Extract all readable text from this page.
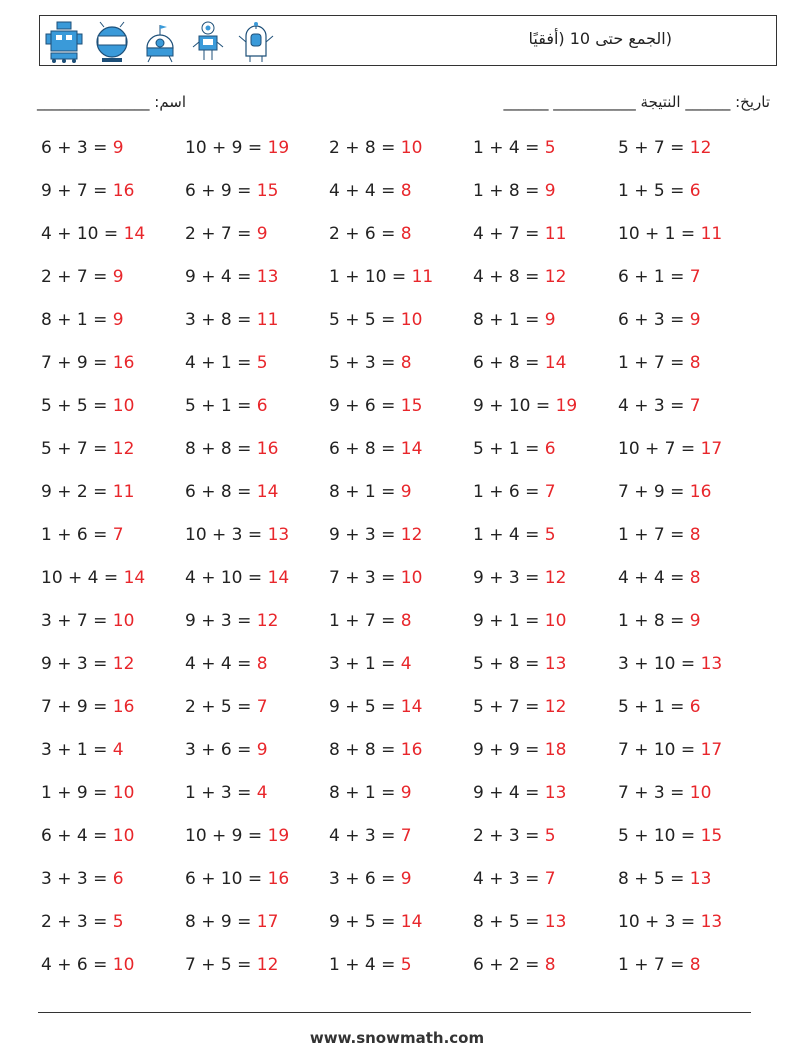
(الجمع حتى 10 (أفقيًا
اسم: _______________	تاريخ: ______ النتيجة ___________ ______
6 + 3 = 9	10 + 9 = 19 2 + 8 = 10	1 + 4 = 5	5 + 7 = 12
9 + 7 = 16	6 + 9 = 15	4 + 4 = 8	1 + 8 = 9	1 + 5 = 6
4 + 10 = 14 2 + 7 = 9	2 + 6 = 8	4 + 7 = 11	10 + 1 = 11
2 + 7 = 9	9 + 4 = 13	1 + 10 = 11 4 + 8 = 12	6 + 1 = 7
8 + 1 = 9	3 + 8 = 11	5 + 5 = 10	8 + 1 = 9	6 + 3 = 9
7 + 9 = 16	4 + 1 = 5	5 + 3 = 8	6 + 8 = 14	1 + 7 = 8
5 + 5 = 10	5 + 1 = 6	9 + 6 = 15	9 + 10 = 19 4 + 3 = 7
5 + 7 = 12	8 + 8 = 16	6 + 8 = 14	5 + 1 = 6	10 + 7 = 17
9 + 2 = 11	6 + 8 = 14	8 + 1 = 9	1 + 6 = 7	7 + 9 = 16
1 + 6 = 7	10 + 3 = 13 9 + 3 = 12	1 + 4 = 5	1 + 7 = 8
10 + 4 = 14 4 + 10 = 14 7 + 3 = 10	9 + 3 = 12	4 + 4 = 8
3 + 7 = 10	9 + 3 = 12	1 + 7 = 8	9 + 1 = 10	1 + 8 = 9
9 + 3 = 12	4 + 4 = 8	3 + 1 = 4	5 + 8 = 13	3 + 10 = 13
7 + 9 = 16	2 + 5 = 7	9 + 5 = 14	5 + 7 = 12	5 + 1 = 6
3 + 1 = 4	3 + 6 = 9	8 + 8 = 16	9 + 9 = 18	7 + 10 = 17
1 + 9 = 10	1 + 3 = 4	8 + 1 = 9	9 + 4 = 13	7 + 3 = 10
6 + 4 = 10	10 + 9 = 19 4 + 3 = 7	2 + 3 = 5	5 + 10 = 15
3 + 3 = 6	6 + 10 = 16 3 + 6 = 9	4 + 3 = 7	8 + 5 = 13
2 + 3 = 5	8 + 9 = 17	9 + 5 = 14	8 + 5 = 13	10 + 3 = 13
4 + 6 = 10	7 + 5 = 12	1 + 4 = 5	6 + 2 = 8	1 + 7 = 8
www.snowmath.com
